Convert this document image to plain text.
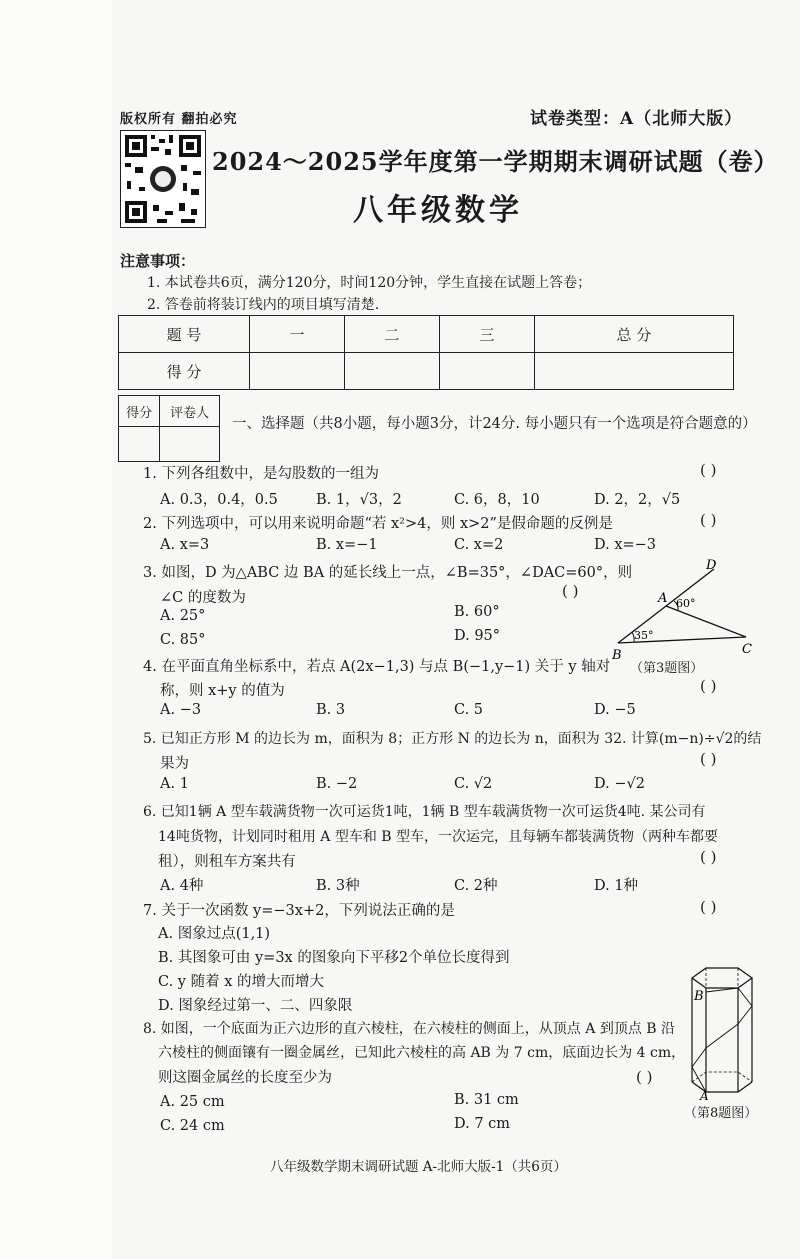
版权所有 翻拍必究	试卷类型：A（北师大版）
2024～2025学年度第一学期期末调研试题（卷）
八年级数学
注意事项：
1. 本试卷共6页，满分120分，时间120分钟，学生直接在试题上答卷；
2. 答卷前将装订线内的项目填写清楚.
题 号	一	二	三	总 分
得 分				
得分	评卷人

一、选择题（共8小题，每小题3分，计24分. 每小题只有一个选项是符合题意的）
1. 下列各组数中，是勾股数的一组为	( )
A. 0.3，0.4，0.5	B. 1，√3，2	C. 6，8，10	D. 2，2，√5
2. 下列选项中，可以用来说明命题“若 x²>4，则 x>2”是假命题的反例是	( )
A. x=3	B. x=−1	C. x=2	D. x=−3
3. 如图，D 为△ABC 边 BA 的延长线上一点，∠B=35°，∠DAC=60°，则
∠C 的度数为	( )
A. 25°	B. 60°
C. 85°	D. 95°
D
A
B	C
60°
35°
（第3题图）
4. 在平面直角坐标系中，若点 A(2x−1,3) 与点 B(−1,y−1) 关于 y 轴对
称，则 x+y 的值为	( )
A. −3	B. 3	C. 5	D. −5
5. 已知正方形 M 的边长为 m，面积为 8；正方形 N 的边长为 n，面积为 32. 计算(m−n)÷√2的结
果为	( )
A. 1	B. −2	C. √2	D. −√2
6. 已知1辆 A 型车载满货物一次可运货1吨，1辆 B 型车载满货物一次可运货4吨. 某公司有
14吨货物，计划同时租用 A 型车和 B 型车，一次运完，且每辆车都装满货物（两种车都要
租），则租车方案共有	( )
A. 4种	B. 3种	C. 2种	D. 1种
7. 关于一次函数 y=−3x+2，下列说法正确的是	( )
A. 图象过点(1,1)
B. 其图象可由 y=3x 的图象向下平移2个单位长度得到
C. y 随着 x 的增大而增大
D. 图象经过第一、二、四象限
8. 如图，一个底面为正六边形的直六棱柱，在六棱柱的侧面上，从顶点 A 到顶点 B 沿
六棱柱的侧面镶有一圈金属丝，已知此六棱柱的高 AB 为 7 cm，底面边长为 4 cm，
则这圈金属丝的长度至少为	( )
A. 25 cm	B. 31 cm
C. 24 cm	D. 7 cm
B
A
（第8题图）
八年级数学期末调研试题 A-北师大版-1（共6页）
